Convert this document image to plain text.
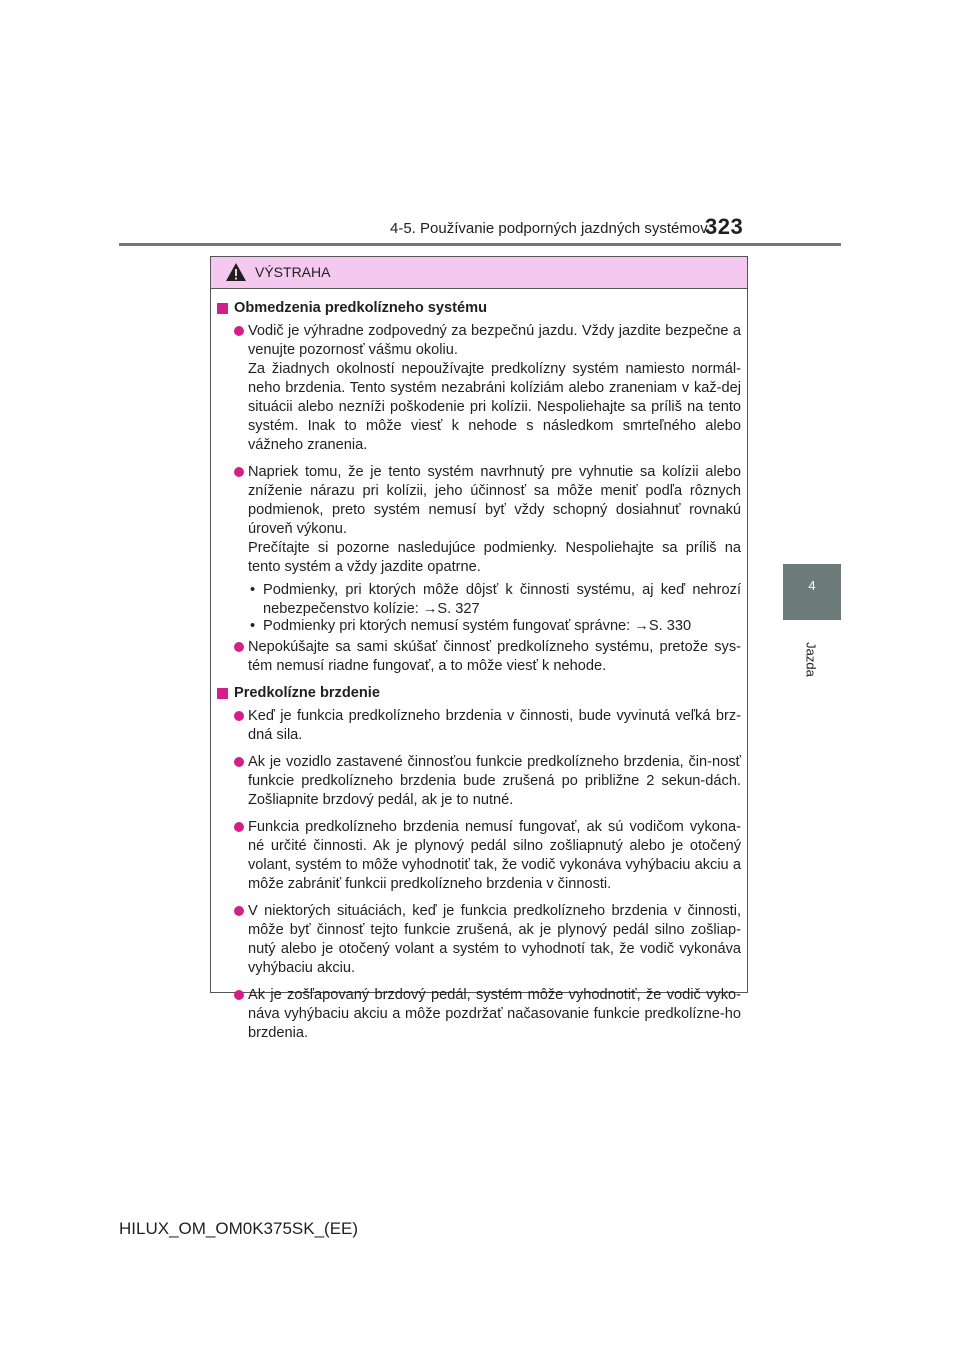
4-5. Používanie podporných jazdných systémov
323
4
Jazda
VÝSTRAHA
Obmedzenia predkolízneho systému
Vodič je výhradne zodpovedný za bezpečnú jazdu. Vždy jazdite bezpečne a venujte pozornosť vášmu okoliu.
Za žiadnych okolností nepoužívajte predkolízny systém namiesto normál-neho brzdenia. Tento systém nezabráni kolíziám alebo zraneniam v kaž-dej situácii alebo nezníži poškodenie pri kolízii. Nespoliehajte sa príliš na tento systém. Inak to môže viesť k nehode s následkom smrteľného alebo vážneho zranenia.
Napriek tomu, že je tento systém navrhnutý pre vyhnutie sa kolízii alebo zníženie nárazu pri kolízii, jeho účinnosť sa môže meniť podľa rôznych podmienok, preto systém nemusí byť vždy schopný dosiahnuť rovnakú úroveň výkonu.
Prečítajte si pozorne nasledujúce podmienky. Nespoliehajte sa príliš na tento systém a vždy jazdite opatrne.
• Podmienky, pri ktorých môže dôjsť k činnosti systému, aj keď nehrozí nebezpečenstvo kolízie: →S. 327
• Podmienky pri ktorých nemusí systém fungovať správne: →S. 330
Nepokúšajte sa sami skúšať činnosť predkolízneho systému, pretože sys-tém nemusí riadne fungovať, a to môže viesť k nehode.
Predkolízne brzdenie
Keď je funkcia predkolízneho brzdenia v činnosti, bude vyvinutá veľká brz-dná sila.
Ak je vozidlo zastavené činnosťou funkcie predkolízneho brzdenia, čin-nosť funkcie predkolízneho brzdenia bude zrušená po približne 2 sekun-dách. Zošliapnite brzdový pedál, ak je to nutné.
Funkcia predkolízneho brzdenia nemusí fungovať, ak sú vodičom vykona-né určité činnosti. Ak je plynový pedál silno zošliapnutý alebo je otočený volant, systém to môže vyhodnotiť tak, že vodič vykonáva vyhýbaciu akciu a môže zabrániť funkcii predkolízneho brzdenia v činnosti.
V niektorých situáciách, keď je funkcia predkolízneho brzdenia v činnosti, môže byť činnosť tejto funkcie zrušená, ak je plynový pedál silno zošliap-nutý alebo je otočený volant a systém to vyhodnotí tak, že vodič vykonáva vyhýbaciu akciu.
Ak je zošľapovaný brzdový pedál, systém môže vyhodnotiť, že vodič vyko-náva vyhýbaciu akciu a môže pozdržať načasovanie funkcie predkolízne-ho brzdenia.
HILUX_OM_OM0K375SK_(EE)
